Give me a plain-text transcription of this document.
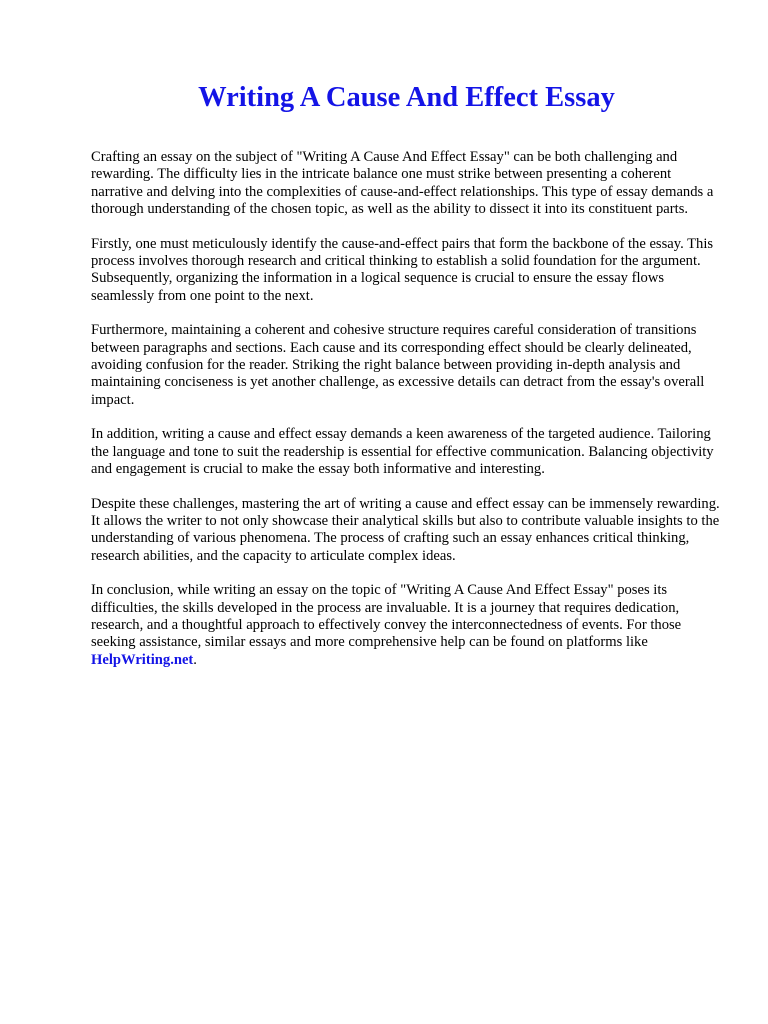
Writing A Cause And Effect Essay

Crafting an essay on the subject of "Writing A Cause And Effect Essay" can be both challenging and rewarding. The difficulty lies in the intricate balance one must strike between presenting a coherent narrative and delving into the complexities of cause-and-effect relationships. This type of essay demands a thorough understanding of the chosen topic, as well as the ability to dissect it into its constituent parts.

Firstly, one must meticulously identify the cause-and-effect pairs that form the backbone of the essay. This process involves thorough research and critical thinking to establish a solid foundation for the argument. Subsequently, organizing the information in a logical sequence is crucial to ensure the essay flows seamlessly from one point to the next.

Furthermore, maintaining a coherent and cohesive structure requires careful consideration of transitions between paragraphs and sections. Each cause and its corresponding effect should be clearly delineated, avoiding confusion for the reader. Striking the right balance between providing in-depth analysis and maintaining conciseness is yet another challenge, as excessive details can detract from the essay's overall impact.

In addition, writing a cause and effect essay demands a keen awareness of the targeted audience. Tailoring the language and tone to suit the readership is essential for effective communication. Balancing objectivity and engagement is crucial to make the essay both informative and interesting.

Despite these challenges, mastering the art of writing a cause and effect essay can be immensely rewarding. It allows the writer to not only showcase their analytical skills but also to contribute valuable insights to the understanding of various phenomena. The process of crafting such an essay enhances critical thinking, research abilities, and the capacity to articulate complex ideas.

In conclusion, while writing an essay on the topic of "Writing A Cause And Effect Essay" poses its difficulties, the skills developed in the process are invaluable. It is a journey that requires dedication, research, and a thoughtful approach to effectively convey the interconnectedness of events. For those seeking assistance, similar essays and more comprehensive help can be found on platforms like
HelpWriting.net.
